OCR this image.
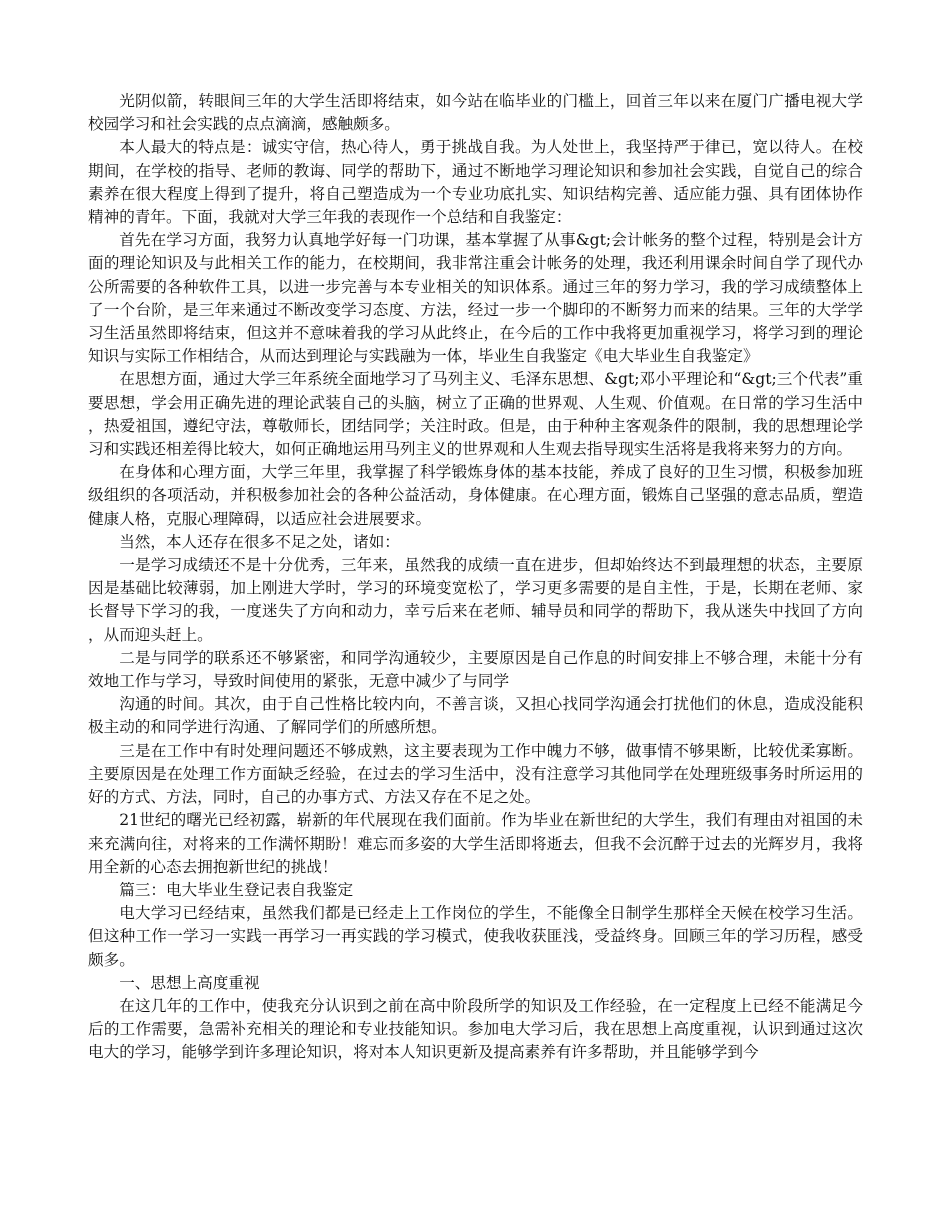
光阴似箭，转眼间三年的大学生活即将结束，如今站在临毕业的门槛上，回首三年以来在厦门广播电视大学校园学习和社会实践的点点滴滴，感触颇多。

本人最大的特点是：诚实守信，热心待人，勇于挑战自我。为人处世上，我坚持严于律已，宽以待人。在校期间，在学校的指导、老师的教诲、同学的帮助下，通过不断地学习理论知识和参加社会实践，自觉自己的综合素养在很大程度上得到了提升，将自己塑造成为一个专业功底扎实、知识结构完善、适应能力强、具有团体协作精神的青年。下面，我就对大学三年我的表现作一个总结和自我鉴定：

首先在学习方面，我努力认真地学好每一门功课，基本掌握了从事&gt;会计帐务的整个过程，特别是会计方面的理论知识及与此相关工作的能力，在校期间，我非常注重会计帐务的处理，我还利用课余时间自学了现代办公所需要的各种软件工具，以进一步完善与本专业相关的知识体系。通过三年的努力学习，我的学习成绩整体上了一个台阶，是三年来通过不断改变学习态度、方法，经过一步一个脚印的不断努力而来的结果。三年的大学学习生活虽然即将结束，但这并不意味着我的学习从此终止，在今后的工作中我将更加重视学习，将学习到的理论知识与实际工作相结合，从而达到理论与实践融为一体，毕业生自我鉴定《电大毕业生自我鉴定》

在思想方面，通过大学三年系统全面地学习了马列主义、毛泽东思想、&gt;邓小平理论和“&gt;三个代表”重要思想，学会用正确先进的理论武装自己的头脑，树立了正确的世界观、人生观、价值观。在日常的学习生活中，热爱祖国，遵纪守法，尊敬师长，团结同学；关注时政。但是，由于种种主客观条件的限制，我的思想理论学习和实践还相差得比较大，如何正确地运用马列主义的世界观和人生观去指导现实生活将是我将来努力的方向。

在身体和心理方面，大学三年里，我掌握了科学锻炼身体的基本技能，养成了良好的卫生习惯，积极参加班级组织的各项活动，并积极参加社会的各种公益活动，身体健康。在心理方面，锻炼自己坚强的意志品质，塑造健康人格，克服心理障碍，以适应社会进展要求。

当然，本人还存在很多不足之处，诸如：

一是学习成绩还不是十分优秀，三年来，虽然我的成绩一直在进步，但却始终达不到最理想的状态，主要原因是基础比较薄弱，加上刚进大学时，学习的环境变宽松了，学习更多需要的是自主性，于是，长期在老师、家长督导下学习的我，一度迷失了方向和动力，幸亏后来在老师、辅导员和同学的帮助下，我从迷失中找回了方向，从而迎头赶上。

二是与同学的联系还不够紧密，和同学沟通较少，主要原因是自己作息的时间安排上不够合理，未能十分有效地工作与学习，导致时间使用的紧张，无意中减少了与同学

沟通的时间。其次，由于自己性格比较内向，不善言谈，又担心找同学沟通会打扰他们的休息，造成没能积极主动的和同学进行沟通、了解同学们的所感所想。

三是在工作中有时处理问题还不够成熟，这主要表现为工作中魄力不够，做事情不够果断，比较优柔寡断。主要原因是在处理工作方面缺乏经验，在过去的学习生活中，没有注意学习其他同学在处理班级事务时所运用的好的方式、方法，同时，自己的办事方式、方法又存在不足之处。

21世纪的曙光已经初露，崭新的年代展现在我们面前。作为毕业在新世纪的大学生，我们有理由对祖国的未来充满向往，对将来的工作满怀期盼！难忘而多姿的大学生活即将逝去，但我不会沉醉于过去的光辉岁月，我将用全新的心态去拥抱新世纪的挑战！

篇三：电大毕业生登记表自我鉴定

电大学习已经结束，虽然我们都是已经走上工作岗位的学生，不能像全日制学生那样全天候在校学习生活。但这种工作一学习一实践一再学习一再实践的学习模式，使我收获匪浅，受益终身。回顾三年的学习历程，感受颇多。

一、思想上高度重视

在这几年的工作中，使我充分认识到之前在高中阶段所学的知识及工作经验，在一定程度上已经不能满足今后的工作需要，急需补充相关的理论和专业技能知识。参加电大学习后，我在思想上高度重视，认识到通过这次电大的学习，能够学到许多理论知识，将对本人知识更新及提高素养有许多帮助，并且能够学到今
